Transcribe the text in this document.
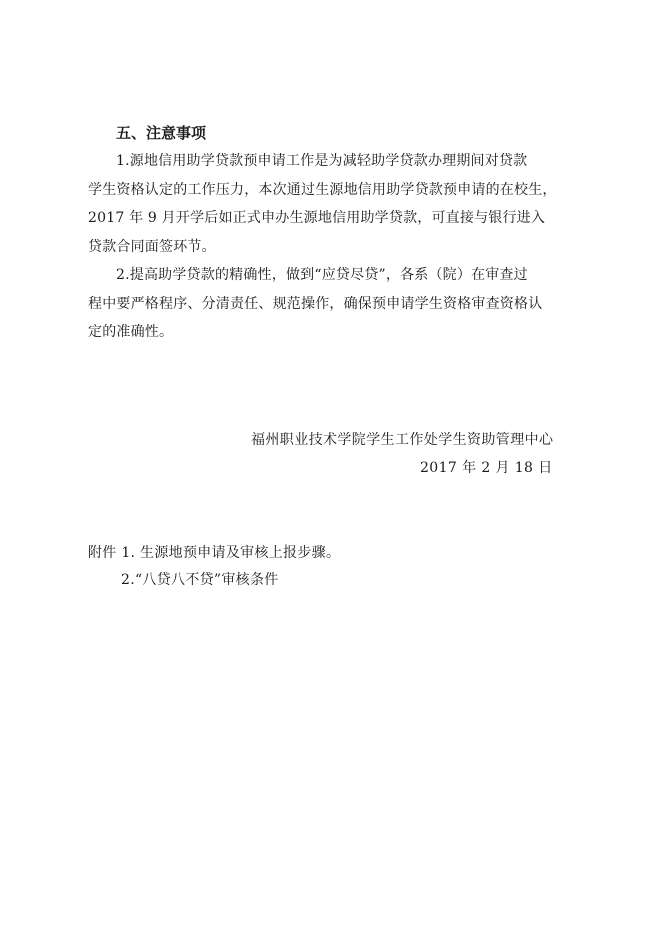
五、注意事项
1.源地信用助学贷款预申请工作是为减轻助学贷款办理期间对贷款
学生资格认定的工作压力，本次通过生源地信用助学贷款预申请的在校生，
2017 年 9 月开学后如正式申办生源地信用助学贷款，可直接与银行进入
贷款合同面签环节。
2.提高助学贷款的精确性，做到“应贷尽贷”，各系（院）在审查过
程中要严格程序、分清责任、规范操作，确保预申请学生资格审查资格认
定的准确性。
福州职业技术学院学生工作处学生资助管理中心
2017 年 2 月 18 日
附件 1. 生源地预申请及审核上报步骤。
2.“八贷八不贷”审核条件
